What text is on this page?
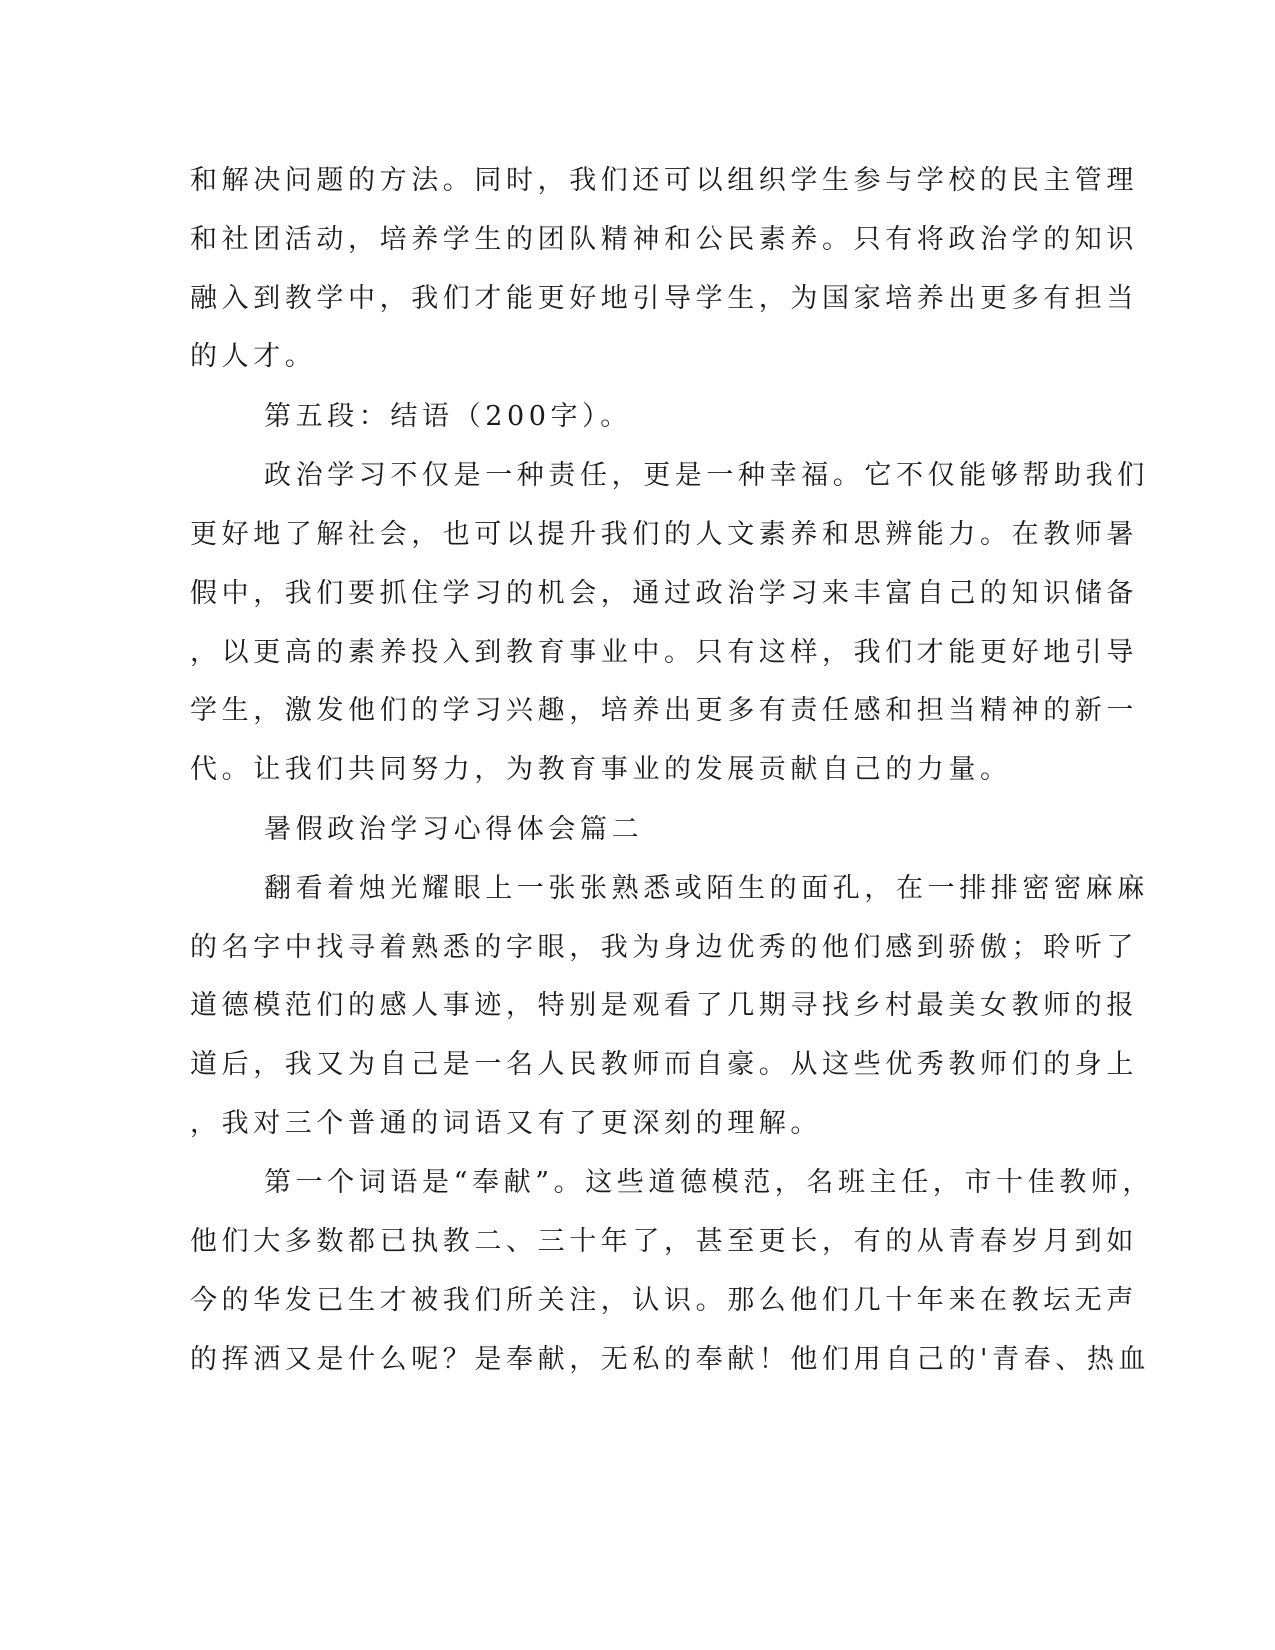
和解决问题的方法。同时，我们还可以组织学生参与学校的民主管理
和社团活动，培养学生的团队精神和公民素养。只有将政治学的知识
融入到教学中，我们才能更好地引导学生，为国家培养出更多有担当
的人才。
第五段：结语（200字）。
政治学习不仅是一种责任，更是一种幸福。它不仅能够帮助我们
更好地了解社会，也可以提升我们的人文素养和思辨能力。在教师暑
假中，我们要抓住学习的机会，通过政治学习来丰富自己的知识储备
，以更高的素养投入到教育事业中。只有这样，我们才能更好地引导
学生，激发他们的学习兴趣，培养出更多有责任感和担当精神的新一
代。让我们共同努力，为教育事业的发展贡献自己的力量。
暑假政治学习心得体会篇二
翻看着烛光耀眼上一张张熟悉或陌生的面孔，在一排排密密麻麻
的名字中找寻着熟悉的字眼，我为身边优秀的他们感到骄傲；聆听了
道德模范们的感人事迹，特别是观看了几期寻找乡村最美女教师的报
道后，我又为自己是一名人民教师而自豪。从这些优秀教师们的身上
，我对三个普通的词语又有了更深刻的理解。
第一个词语是“奉献”。这些道德模范，名班主任，市十佳教师，
他们大多数都已执教二、三十年了，甚至更长，有的从青春岁月到如
今的华发已生才被我们所关注，认识。那么他们几十年来在教坛无声
的挥洒又是什么呢？是奉献，无私的奉献！他们用自己的'青春、热血
